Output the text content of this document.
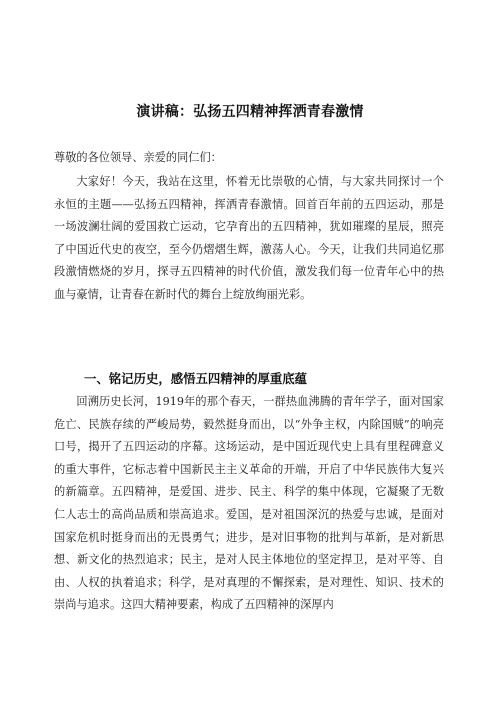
演讲稿：弘扬五四精神挥洒青春激情
尊敬的各位领导、亲爱的同仁们：

大家好！今天，我站在这里，怀着无比崇敬的心情，与大家共同探讨一个永恒的主题——弘扬五四精神，挥洒青春激情。回首百年前的五四运动，那是一场波澜壮阔的爱国救亡运动，它孕育出的五四精神，犹如璀璨的星辰，照亮了中国近代史的夜空，至今仍熠熠生辉，激荡人心。今天，让我们共同追忆那段激情燃烧的岁月，探寻五四精神的时代价值，激发我们每一位青年心中的热血与豪情，让青春在新时代的舞台上绽放绚丽光彩。

一、铭记历史，感悟五四精神的厚重底蕴

回溯历史长河，1919年的那个春天，一群热血沸腾的青年学子，面对国家危亡、民族存续的严峻局势，毅然挺身而出，以“外争主权，内除国贼”的响亮口号，揭开了五四运动的序幕。这场运动，是中国近现代史上具有里程碑意义的重大事件，它标志着中国新民主主义革命的开端，开启了中华民族伟大复兴的新篇章。五四精神，是爱国、进步、民主、科学的集中体现，它凝聚了无数仁人志士的高尚品质和崇高追求。爱国，是对祖国深沉的热爱与忠诚，是面对国家危机时挺身而出的无畏勇气；进步，是对旧事物的批判与革新，是对新思想、新文化的热烈追求；民主，是对人民主体地位的坚定捍卫，是对平等、自由、人权的执着追求；科学，是对真理的不懈探索，是对理性、知识、技术的崇尚与追求。这四大精神要素，构成了五四精神的深厚内
